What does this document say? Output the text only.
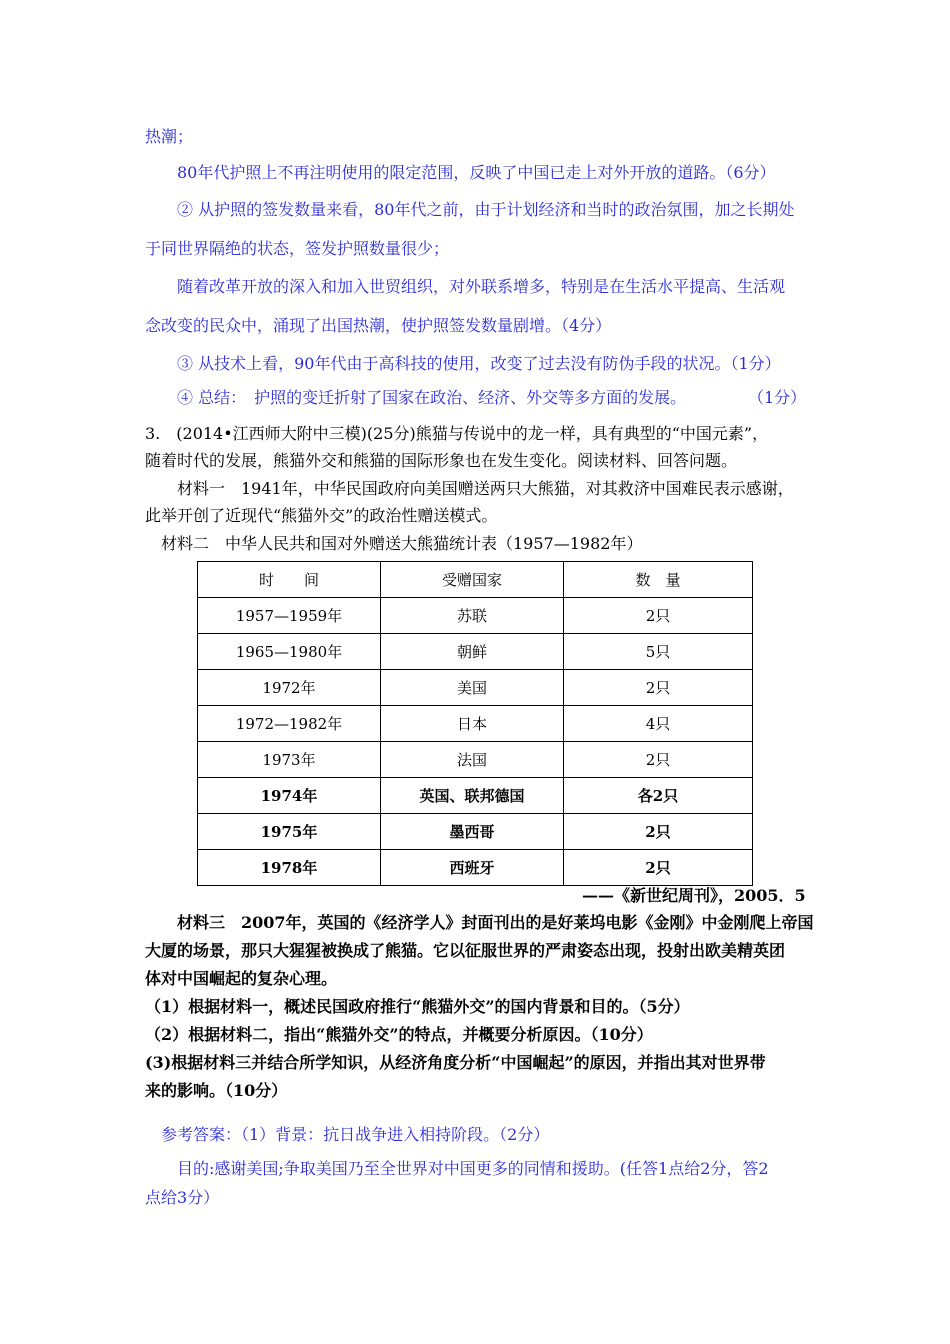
热潮；
80年代护照上不再注明使用的限定范围，反映了中国已走上对外开放的道路。（6分）
② 从护照的签发数量来看，80年代之前，由于计划经济和当时的政治氛围，加之长期处
于同世界隔绝的状态，签发护照数量很少；
随着改革开放的深入和加入世贸组织，对外联系增多，特别是在生活水平提高、生活观
念改变的民众中，涌现了出国热潮，使护照签发数量剧增。（4分）
③ 从技术上看，90年代由于高科技的使用，改变了过去没有防伪手段的状况。（1分）
④ 总结：　护照的变迁折射了国家在政治、经济、外交等多方面的发展。	（1分）
3.　(2014•江西师大附中三模)(25分)熊猫与传说中的龙一样，具有典型的“中国元素”，
随着时代的发展，熊猫外交和熊猫的国际形象也在发生变化。阅读材料、回答问题。
材料一　1941年，中华民国政府向美国赠送两只大熊猫，对其救济中国难民表示感谢，
此举开创了近现代“熊猫外交”的政治性赠送模式。
材料二　中华人民共和国对外赠送大熊猫统计表（1957—1982年）
时　　间	受赠国家	数　量
1957—1959年	苏联	2只
1965—1980年	朝鲜	5只
1972年	美国	2只
1972—1982年	日本	4只
1973年	法国	2只
1974年	英国、联邦德国	各2只
1975年	墨西哥	2只
1978年	西班牙	2只
——《新世纪周刊》，2005．5
材料三　2007年，英国的《经济学人》封面刊出的是好莱坞电影《金刚》中金刚爬上帝国
大厦的场景，那只大猩猩被换成了熊猫。它以征服世界的严肃姿态出现，投射出欧美精英团
体对中国崛起的复杂心理。
（1）根据材料一，概述民国政府推行“熊猫外交”的国内背景和目的。（5分）
（2）根据材料二，指出“熊猫外交”的特点，并概要分析原因。（10分）
(3)根据材料三并结合所学知识，从经济角度分析“中国崛起”的原因，并指出其对世界带
来的影响。（10分）
参考答案：（1）背景：抗日战争进入相持阶段。（2分）
目的:感谢美国;争取美国乃至全世界对中国更多的同情和援助。(任答1点给2分，答2
点给3分）
